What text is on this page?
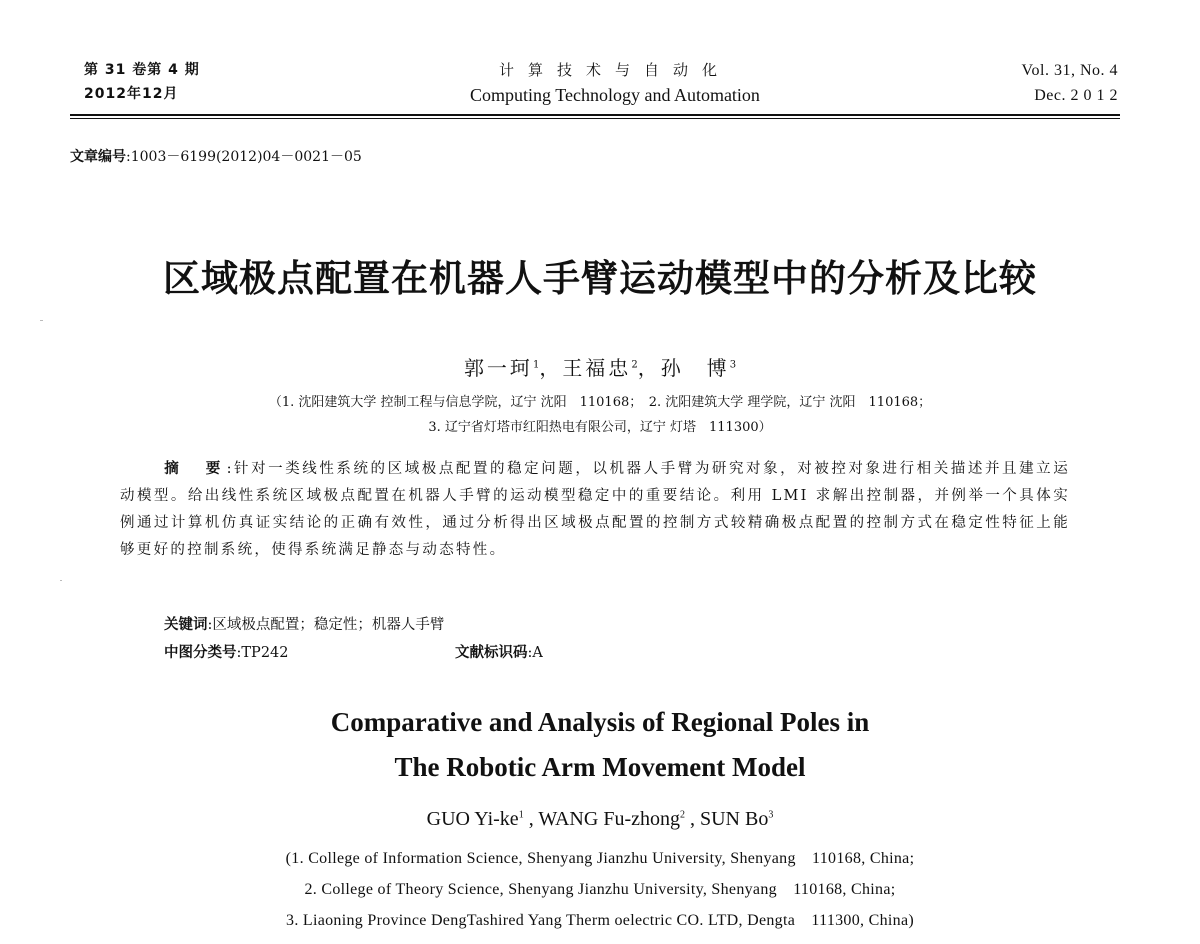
第 31 卷第 4 期
2012年12月
计算技术与自动化
Computing Technology and Automation
Vol. 31, No. 4
Dec. 2 0 1 2
文章编号:1003－6199(2012)04－0021－05
区域极点配置在机器人手臂运动模型中的分析及比较
郭一珂$^1$，王福忠$^2$，孙　博$^3$
（1. 沈阳建筑大学 控制工程与信息学院，辽宁 沈阳　110168；　2. 沈阳建筑大学 理学院，辽宁 沈阳　110168；
3. 辽宁省灯塔市红阳热电有限公司，辽宁 灯塔　111300）
摘　要:针对一类线性系统的区域极点配置的稳定问题，以机器人手臂为研究对象，对被控对象进行相关描述并且建立运动模型。给出线性系统区域极点配置在机器人手臂的运动模型稳定中的重要结论。利用 LMI 求解出控制器，并例举一个具体实例通过计算机仿真证实结论的正确有效性，通过分析得出区域极点配置的控制方式较精确极点配置的控制方式在稳定性特征上能够更好的控制系统，使得系统满足静态与动态特性。
关键词:区域极点配置；稳定性；机器人手臂
中图分类号:TP242	文献标识码:A
Comparative and Analysis of Regional Poles in
The Robotic Arm Movement Model
GUO $Yi-ke^1$ , WANG Fu-zhong$^2$ , SUN Bo$^3$
(1. College of Information Science, Shenyang Jianzhu University, Shenyang　110168, China;
2. College of Theory Science, Shenyang Jianzhu University, Shenyang　110168, China;
3. Liaoning Province DengTashired Yang Therm oelectric CO. LTD, Dengta　111300, China)
